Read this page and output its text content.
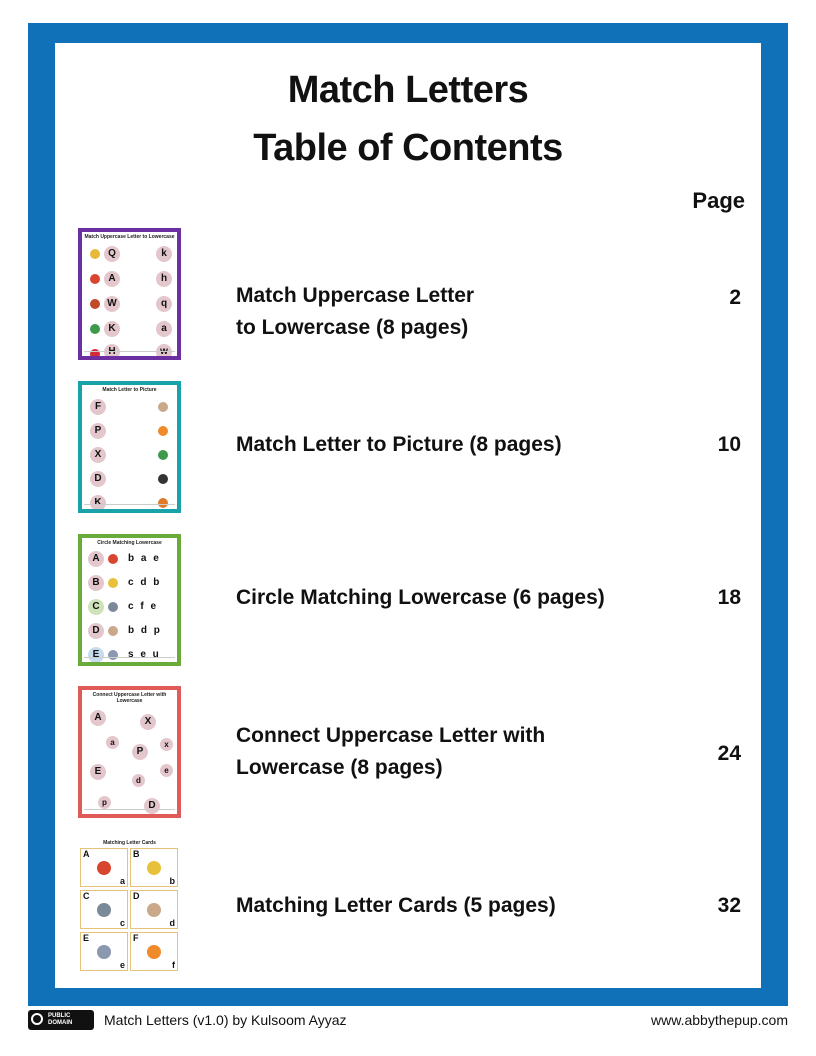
Match Letters
Table of Contents
Page
Match Uppercase Letter to Lowercase
Q	k
A	h
W	q
K	a
H	w
Match Uppercase Letter
to Lowercase (8 pages)
2
Match Letter to Picture
F
P
X
D
K
Match Letter to Picture (8 pages)	10
Circle Matching Lowercase
A	b a e
B	c d b
C	c f e
D	b d p
E	s e u
Circle Matching Lowercase (6 pages)	18
Connect Uppercase Letter with Lowercase
A	X
a
P
x
E	e
d
p	D
Connect Uppercase Letter with
Lowercase (8 pages)
24
Matching Letter Cards
A
a
B
b
C
c
D
d
E
e
F
f
Matching Letter Cards (5 pages)	32
PUBLIC
DOMAIN Match Letters (v1.0) by Kulsoom Ayyaz	www.abbythepup.com
